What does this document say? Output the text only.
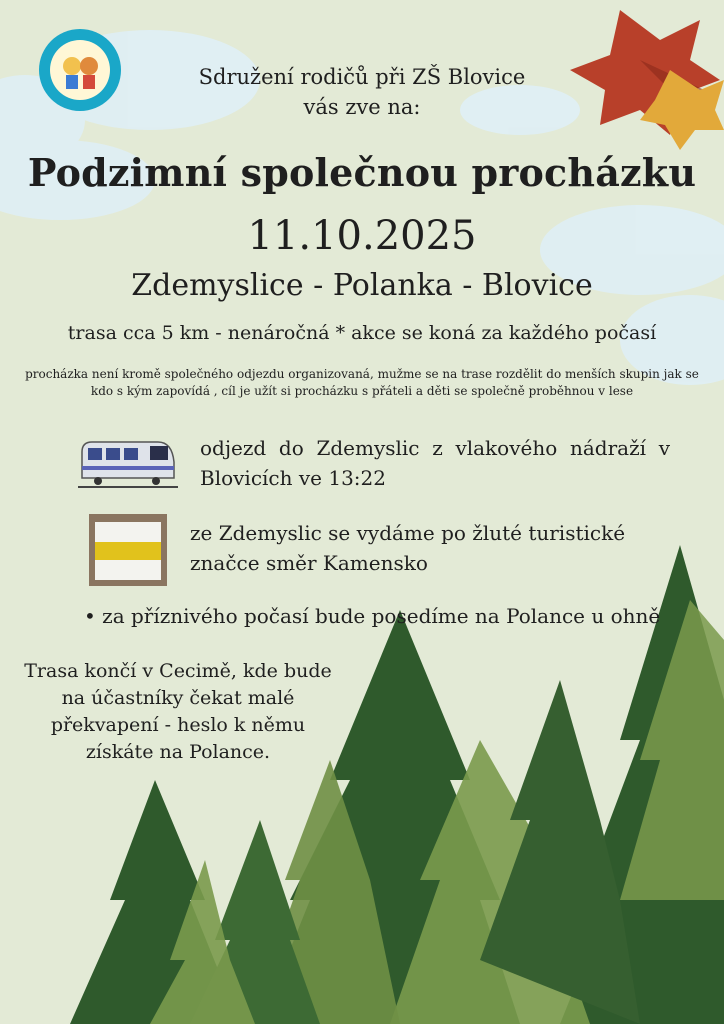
Sdružení rodičů při ZŠ Blovice
vás zve na:
Podzimní společnou procházku
11.10.2025
Zdemyslice - Polanka - Blovice
trasa cca 5 km - nenáročná * akce se koná za každého počasí
procházka není kromě společného odjezdu organizovaná, mužme se na trase rozdělit do menších skupin jak se kdo s kým zapovídá , cíl je užít si procházku s přáteli a děti se společně proběhnou v lese
odjezd do Zdemyslic z vlakového nádraží v Blovicích ve 13:22
ze Zdemyslic se vydáme po žluté turistické značce směr Kamensko
• za příznivého počasí bude posedíme na Polance u ohně
Trasa končí v Cecimě, kde bude na účastníky čekat malé překvapení - heslo k němu získáte na Polance.
